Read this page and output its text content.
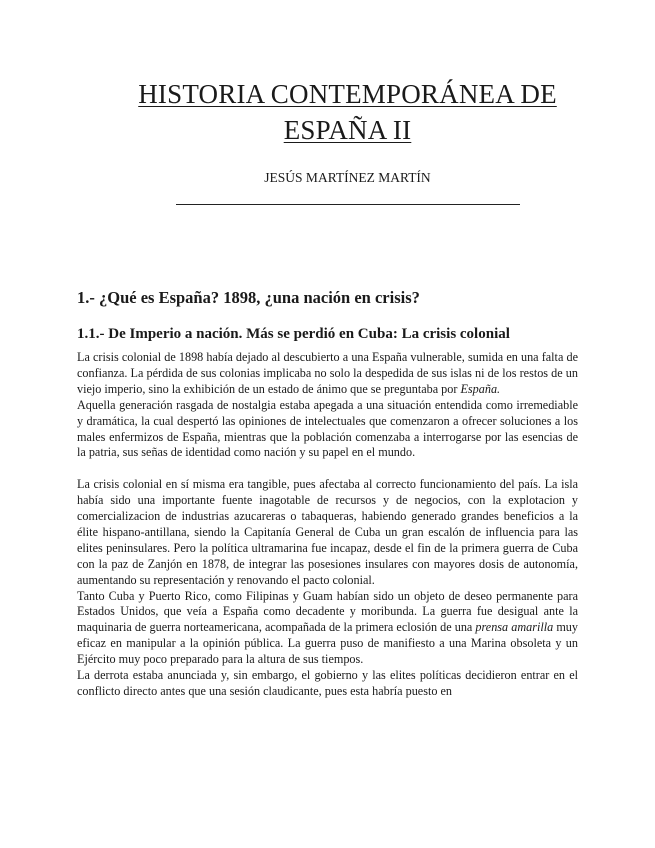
HISTORIA CONTEMPORÁNEA DE
ESPAÑA II

JESÚS MARTÍNEZ MARTÍN

1.- ¿Qué es España? 1898, ¿una nación en crisis?
1.1.- De Imperio a nación. Más se perdió en Cuba: La crisis colonial

La crisis colonial de 1898 había dejado al descubierto a una España vulnerable, sumida en una falta de confianza. La pérdida de sus colonias implicaba no solo la despedida de sus islas ni de los restos de un viejo imperio, sino la exhibición de un estado de ánimo que se preguntaba por España.

Aquella generación rasgada de nostalgia estaba apegada a una situación entendida como irremediable y dramática, la cual despertó las opiniones de intelectuales que comenzaron a ofrecer soluciones a los males enfermizos de España, mientras que la población comenzaba a interrogarse por las esencias de la patria, sus señas de identidad como nación y su papel en el mundo.

La crisis colonial en sí misma era tangible, pues afectaba al correcto funcionamiento del país. La isla había sido una importante fuente inagotable de recursos y de negocios, con la explotacion y comercializacion de industrias azucareras o tabaqueras, habiendo generado grandes beneficios a la élite hispano-antillana, siendo la Capitanía General de Cuba un gran escalón de influencia para las elites peninsulares. Pero la política ultramarina fue incapaz, desde el fin de la primera guerra de Cuba con la paz de Zanjón en 1878, de integrar las posesiones insulares con mayores dosis de autonomía, aumentando su representación y renovando el pacto colonial.

Tanto Cuba y Puerto Rico, como Filipinas y Guam habían sido un objeto de deseo permanente para Estados Unidos, que veía a España como decadente y moribunda. La guerra fue desigual ante la maquinaria de guerra norteamericana, acompañada de la primera eclosión de una prensa amarilla muy eficaz en manipular a la opinión pública. La guerra puso de manifiesto a una Marina obsoleta y un Ejército muy poco preparado para la altura de sus tiempos.

La derrota estaba anunciada y, sin embargo, el gobierno y las elites políticas decidieron entrar en el conflicto directo antes que una sesión claudicante, pues esta habría puesto en
